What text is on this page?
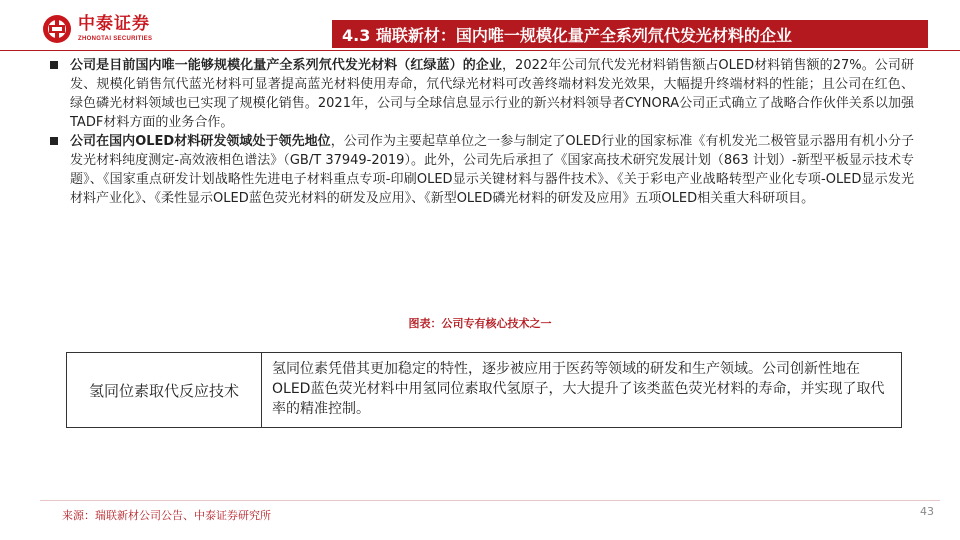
中泰证券
ZHONGTAI SECURITIES	4.3 瑞联新材：国内唯一规模化量产全系列氘代发光材料的企业
公司是目前国内唯一能够规模化量产全系列氘代发光材料（红绿蓝）的企业，2022年公司氘代发光材料销售额占OLED材料销售额的27%。公司研发、规模化销售氘代蓝光材料可显著提高蓝光材料使用寿命，氘代绿光材料可改善终端材料发光效果，大幅提升终端材料的性能；且公司在红色、绿色磷光材料领域也已实现了规模化销售。2021年，公司与全球信息显示行业的新兴材料领导者CYNORA公司正式确立了战略合作伙伴关系以加强TADF材料方面的业务合作。
公司在国内OLED材料研发领域处于领先地位，公司作为主要起草单位之一参与制定了OLED行业的国家标准《有机发光二极管显示器用有机小分子发光材料纯度测定-高效液相色谱法》（GB/T 37949-2019）。此外，公司先后承担了《国家高技术研究发展计划（863 计划）-新型平板显示技术专题》、《国家重点研发计划战略性先进电子材料重点专项-印刷OLED显示关键材料与器件技术》、《关于彩电产业战略转型产业化专项-OLED显示发光材料产业化》、《柔性显示OLED蓝色荧光材料的研发及应用》、《新型OLED磷光材料的研发及应用》五项OLED相关重大科研项目。
图表：公司专有核心技术之一
氢同位素取代反应技术
氢同位素凭借其更加稳定的特性，逐步被应用于医药等领域的研发和生产领域。公司创新性地在OLED蓝色荧光材料中用氢同位素取代氢原子，大大提升了该类蓝色荧光材料的寿命，并实现了取代率的精准控制。
来源：瑞联新材公司公告、中泰证券研究所	43
